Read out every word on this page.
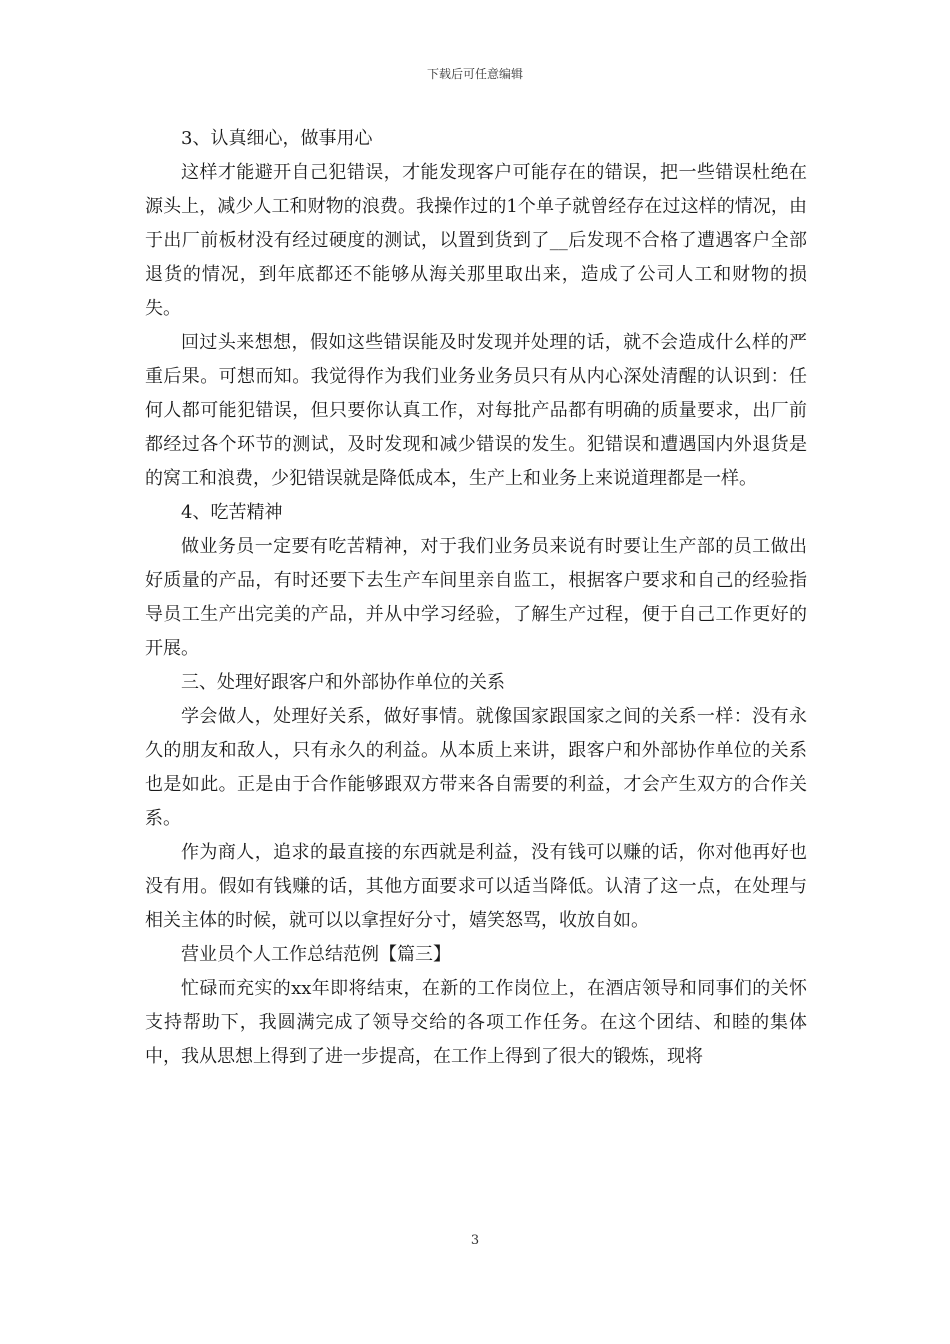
下载后可任意编辑

3、认真细心，做事用心

这样才能避开自己犯错误，才能发现客户可能存在的错误，把一些错误杜绝在源头上，减少人工和财物的浪费。我操作过的1个单子就曾经存在过这样的情况，由于出厂前板材没有经过硬度的测试，以置到货到了__后发现不合格了遭遇客户全部退货的情况，到年底都还不能够从海关那里取出来，造成了公司人工和财物的损失。

回过头来想想，假如这些错误能及时发现并处理的话，就不会造成什么样的严重后果。可想而知。我觉得作为我们业务业务员只有从内心深处清醒的认识到：任何人都可能犯错误，但只要你认真工作，对每批产品都有明确的质量要求，出厂前都经过各个环节的测试，及时发现和减少错误的发生。犯错误和遭遇国内外退货是的窝工和浪费，少犯错误就是降低成本，生产上和业务上来说道理都是一样。

4、吃苦精神

做业务员一定要有吃苦精神，对于我们业务员来说有时要让生产部的员工做出好质量的产品，有时还要下去生产车间里亲自监工，根据客户要求和自己的经验指导员工生产出完美的产品，并从中学习经验，了解生产过程，便于自己工作更好的开展。

三、处理好跟客户和外部协作单位的关系

学会做人，处理好关系，做好事情。就像国家跟国家之间的关系一样：没有永久的朋友和敌人，只有永久的利益。从本质上来讲，跟客户和外部协作单位的关系也是如此。正是由于合作能够跟双方带来各自需要的利益，才会产生双方的合作关系。

作为商人，追求的最直接的东西就是利益，没有钱可以赚的话，你对他再好也没有用。假如有钱赚的话，其他方面要求可以适当降低。认清了这一点，在处理与相关主体的时候，就可以以拿捏好分寸，嬉笑怒骂，收放自如。

营业员个人工作总结范例【篇三】

忙碌而充实的xx年即将结束，在新的工作岗位上，在酒店领导和同事们的关怀支持帮助下，我圆满完成了领导交给的各项工作任务。在这个团结、和睦的集体中，我从思想上得到了进一步提高，在工作上得到了很大的锻炼，现将

3
